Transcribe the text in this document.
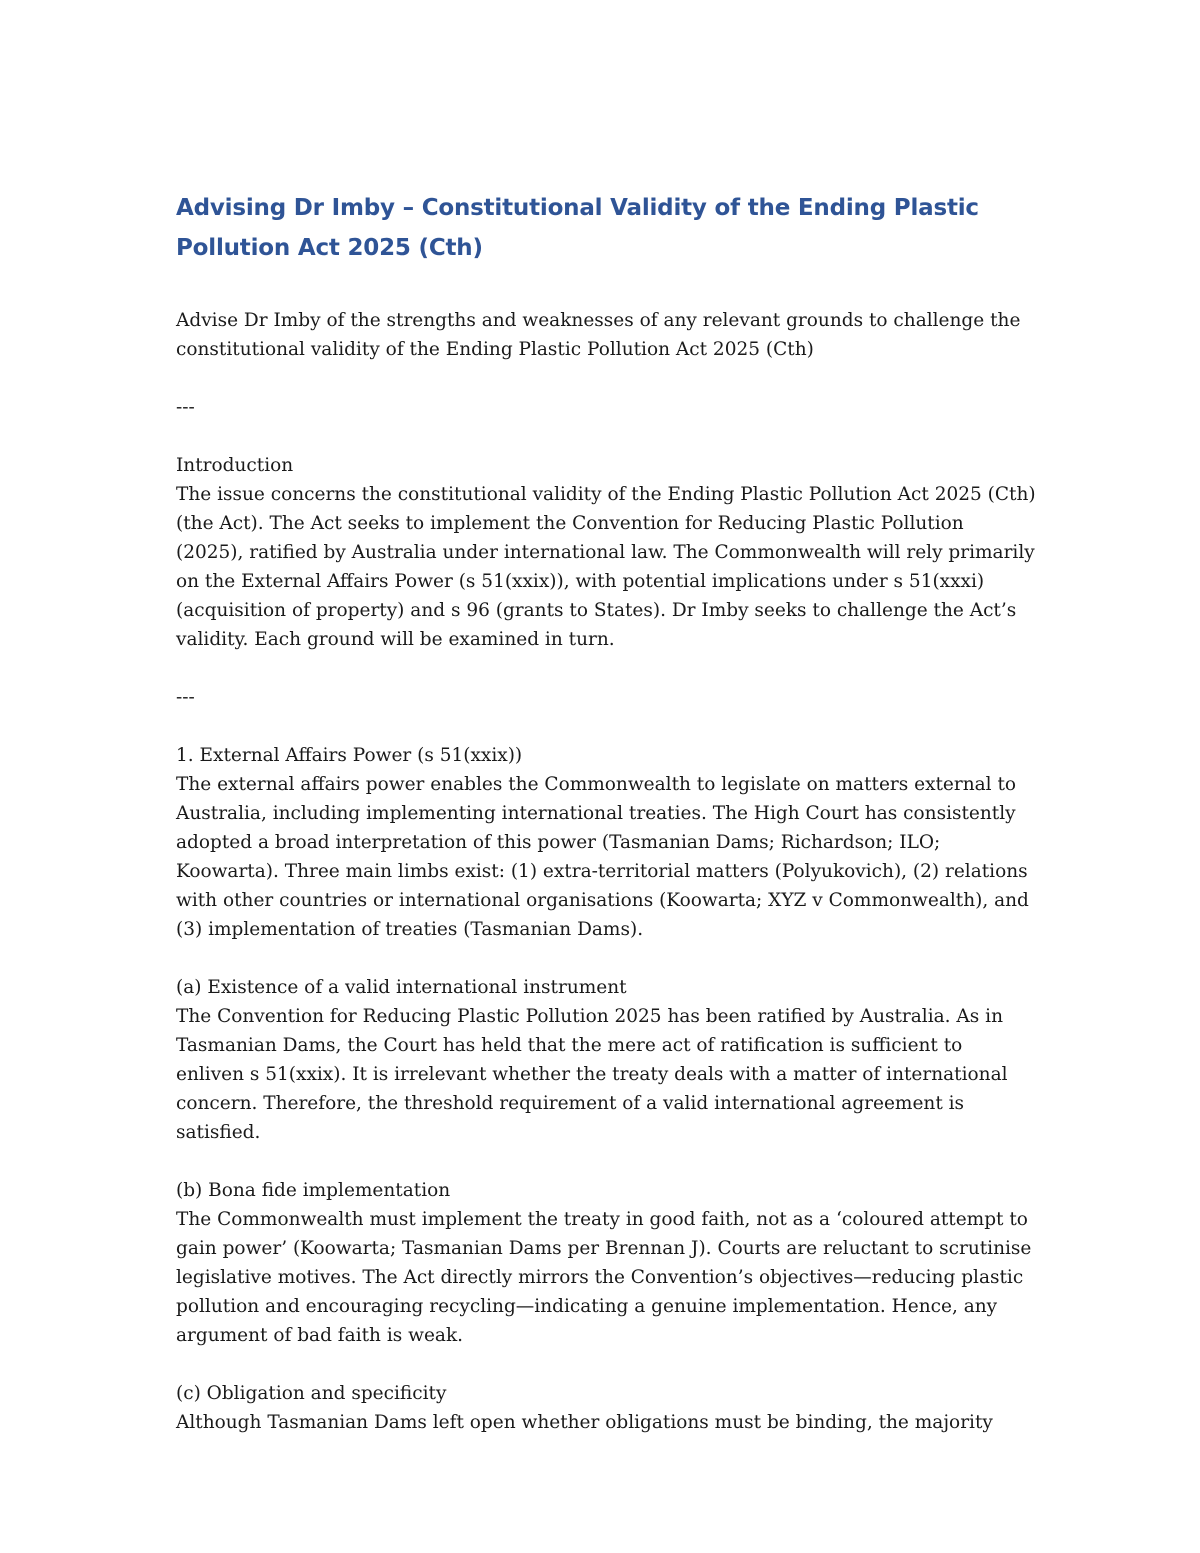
Advising Dr Imby – Constitutional Validity of the Ending Plastic Pollution Act 2025 (Cth)

Advise Dr Imby of the strengths and weaknesses of any relevant grounds to challenge the constitutional validity of the Ending Plastic Pollution Act 2025 (Cth)

---

Introduction

The issue concerns the constitutional validity of the Ending Plastic Pollution Act 2025 (Cth) (the Act). The Act seeks to implement the Convention for Reducing Plastic Pollution (2025), ratified by Australia under international law. The Commonwealth will rely primarily on the External Affairs Power (s 51(xxix)), with potential implications under s 51(xxxi) (acquisition of property) and s 96 (grants to States). Dr Imby seeks to challenge the Act’s validity. Each ground will be examined in turn.

---

1. External Affairs Power (s 51(xxix))

The external affairs power enables the Commonwealth to legislate on matters external to Australia, including implementing international treaties. The High Court has consistently adopted a broad interpretation of this power (Tasmanian Dams; Richardson; ILO; Koowarta). Three main limbs exist: (1) extra-territorial matters (Polyukovich), (2) relations with other countries or international organisations (Koowarta; XYZ v Commonwealth), and (3) implementation of treaties (Tasmanian Dams).

(a) Existence of a valid international instrument

The Convention for Reducing Plastic Pollution 2025 has been ratified by Australia. As in Tasmanian Dams, the Court has held that the mere act of ratification is sufficient to enliven s 51(xxix). It is irrelevant whether the treaty deals with a matter of international concern. Therefore, the threshold requirement of a valid international agreement is satisfied.

(b) Bona fide implementation

The Commonwealth must implement the treaty in good faith, not as a ‘coloured attempt to gain power’ (Koowarta; Tasmanian Dams per Brennan J). Courts are reluctant to scrutinise legislative motives. The Act directly mirrors the Convention’s objectives—reducing plastic pollution and encouraging recycling—indicating a genuine implementation. Hence, any argument of bad faith is weak.

(c) Obligation and specificity

Although Tasmanian Dams left open whether obligations must be binding, the majority
